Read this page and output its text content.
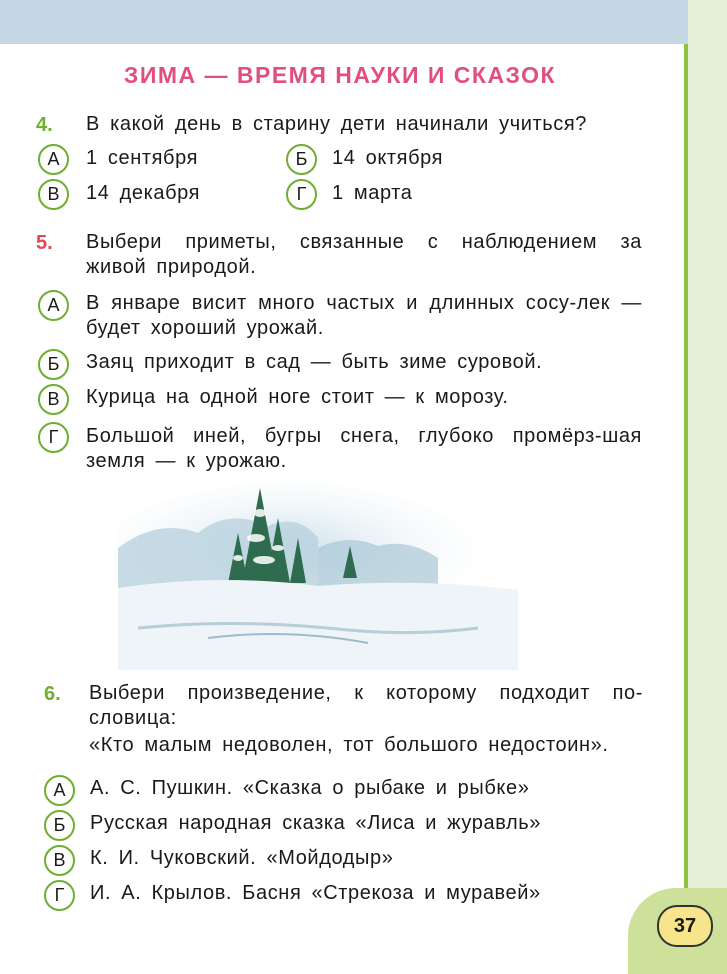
ЗИМА — ВРЕМЯ НАУКИ И СКАЗОК
4. В какой день в старину дети начинали учиться?
А	1 сентября	Б	14 октября
В	14 декабря	Г	1 марта
5. Выбери приметы, связанные с наблюдением за живой природой.
А	В январе висит много частых и длинных сосу-лек — будет хороший урожай.
Б	Заяц приходит в сад — быть зиме суровой.
В	Курица на одной ноге стоит — к морозу.
Г	Большой иней, бугры снега, глубоко промёрз-шая земля — к урожаю.
6. Выбери произведение, к которому подходит по-словица:
«Кто малым недоволен, тот большого недостоин».
А	А. С. Пушкин. «Сказка о рыбаке и рыбке»
Б	Русская народная сказка «Лиса и журавль»
В	К. И. Чуковский. «Мойдодыр»
Г	И. А. Крылов. Басня «Стрекоза и муравей»
37
